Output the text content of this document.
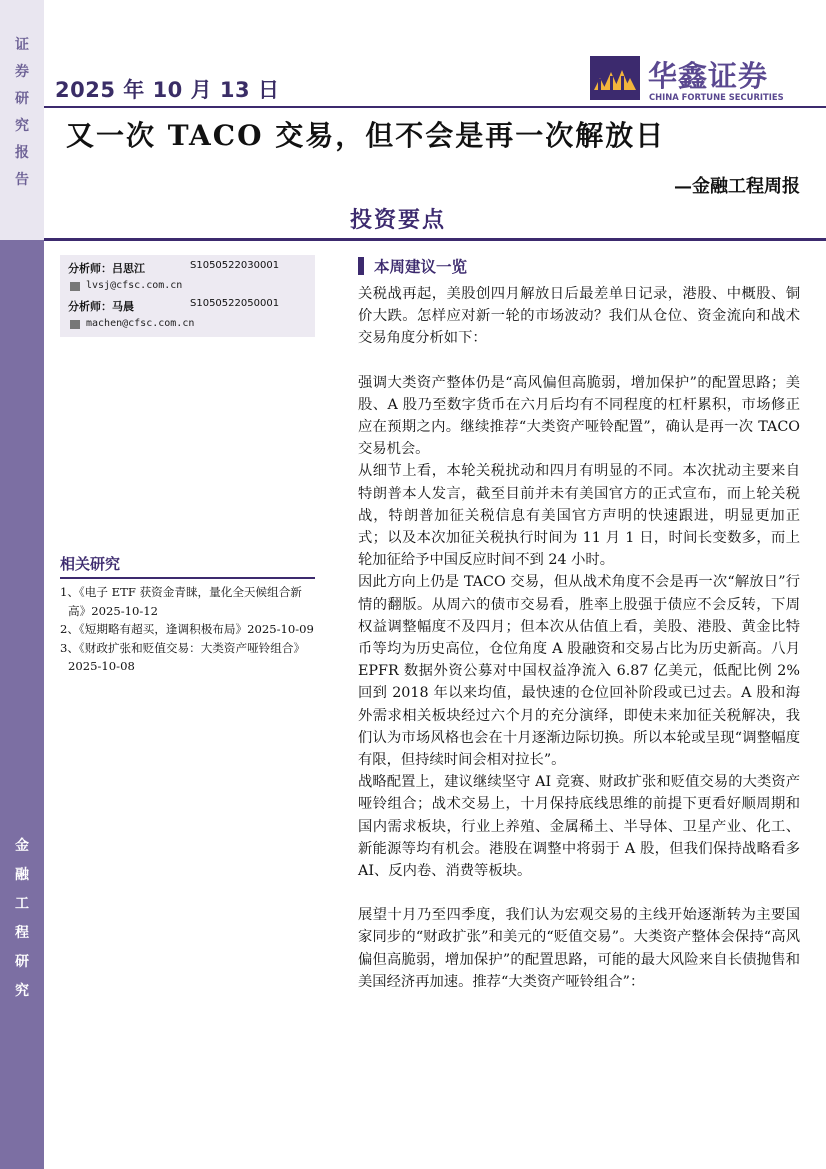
证
券
研
究
报
告
金
融
工
程
研
究
2025 年 10 月 13 日	华鑫证券
CHINA FORTUNE SECURITIES
又一次 TACO 交易，但不会是再一次解放日
—金融工程周报
投资要点
分析师：吕思江	S1050522030001
lvsj@cfsc.com.cn
分析师：马晨	S1050522050001
machen@cfsc.com.cn
相关研究
1、《电子 ETF 获资金青睐，量化全天候组合新高》2025-10-12
2、《短期略有超买，逢调积极布局》2025-10-09
3、《财政扩张和贬值交易：大类资产哑铃组合》2025-10-08
本周建议一览

关税战再起，美股创四月解放日后最差单日记录，港股、中概股、铜价大跌。怎样应对新一轮的市场波动？我们从仓位、资金流向和战术交易角度分析如下：

强调大类资产整体仍是“高风偏但高脆弱，增加保护”的配置思路；美股、A 股乃至数字货币在六月后均有不同程度的杠杆累积，市场修正应在预期之内。继续推荐“大类资产哑铃配置”，确认是再一次 TACO 交易机会。

从细节上看，本轮关税扰动和四月有明显的不同。本次扰动主要来自特朗普本人发言，截至目前并未有美国官方的正式宣布，而上轮关税战，特朗普加征关税信息有美国官方声明的快速跟进，明显更加正式；以及本次加征关税执行时间为 11 月 1 日，时间长变数多，而上轮加征给予中国反应时间不到 24 小时。

因此方向上仍是 TACO 交易，但从战术角度不会是再一次“解放日”行情的翻版。从周六的债市交易看，胜率上股强于债应不会反转，下周权益调整幅度不及四月；但本次从估值上看，美股、港股、黄金比特币等均为历史高位，仓位角度 A 股融资和交易占比为历史新高。八月 EPFR 数据外资公募对中国权益净流入 6.87 亿美元，低配比例 2%回到 2018 年以来均值，最快速的仓位回补阶段或已过去。A 股和海外需求相关板块经过六个月的充分演绎，即使未来加征关税解决，我们认为市场风格也会在十月逐渐边际切换。所以本轮或呈现“调整幅度有限，但持续时间会相对拉长”。

战略配置上，建议继续坚守 AI 竞赛、财政扩张和贬值交易的大类资产哑铃组合；战术交易上，十月保持底线思维的前提下更看好顺周期和国内需求板块，行业上养殖、金属稀土、半导体、卫星产业、化工、新能源等均有机会。港股在调整中将弱于 A 股，但我们保持战略看多 AI、反内卷、消费等板块。

展望十月乃至四季度，我们认为宏观交易的主线开始逐渐转为主要国家同步的“财政扩张”和美元的“贬值交易”。大类资产整体会保持“高风偏但高脆弱，增加保护”的配置思路，可能的最大风险来自长债抛售和美国经济再加速。推荐“大类资产哑铃组合”：
